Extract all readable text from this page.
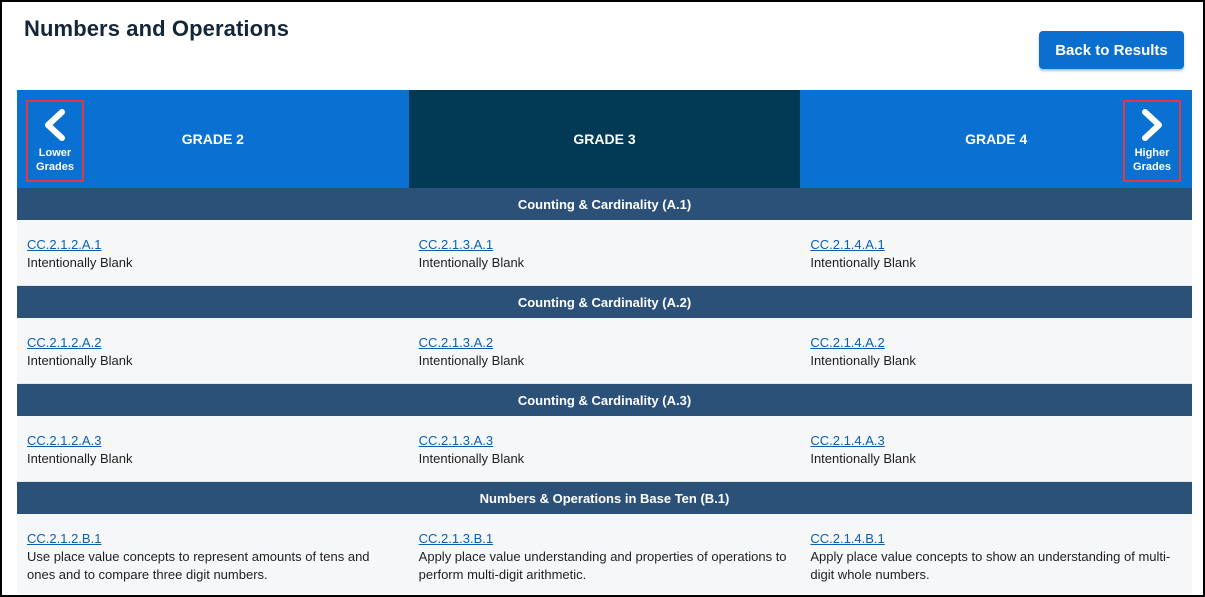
Numbers and Operations
Back to Results
GRADE 2	GRADE 3	GRADE 4
Lower
Grades
Higher
Grades
Counting & Cardinality (A.1)
CC.2.1.2.A.1
Intentionally Blank
CC.2.1.3.A.1
Intentionally Blank
CC.2.1.4.A.1
Intentionally Blank
Counting & Cardinality (A.2)
CC.2.1.2.A.2
Intentionally Blank
CC.2.1.3.A.2
Intentionally Blank
CC.2.1.4.A.2
Intentionally Blank
Counting & Cardinality (A.3)
CC.2.1.2.A.3
Intentionally Blank
CC.2.1.3.A.3
Intentionally Blank
CC.2.1.4.A.3
Intentionally Blank
Numbers & Operations in Base Ten (B.1)
CC.2.1.2.B.1
Use place value concepts to represent amounts of tens and ones and to compare three digit numbers.
CC.2.1.3.B.1
Apply place value understanding and properties of operations to perform multi-digit arithmetic.
CC.2.1.4.B.1
Apply place value concepts to show an understanding of multi-digit whole numbers.
